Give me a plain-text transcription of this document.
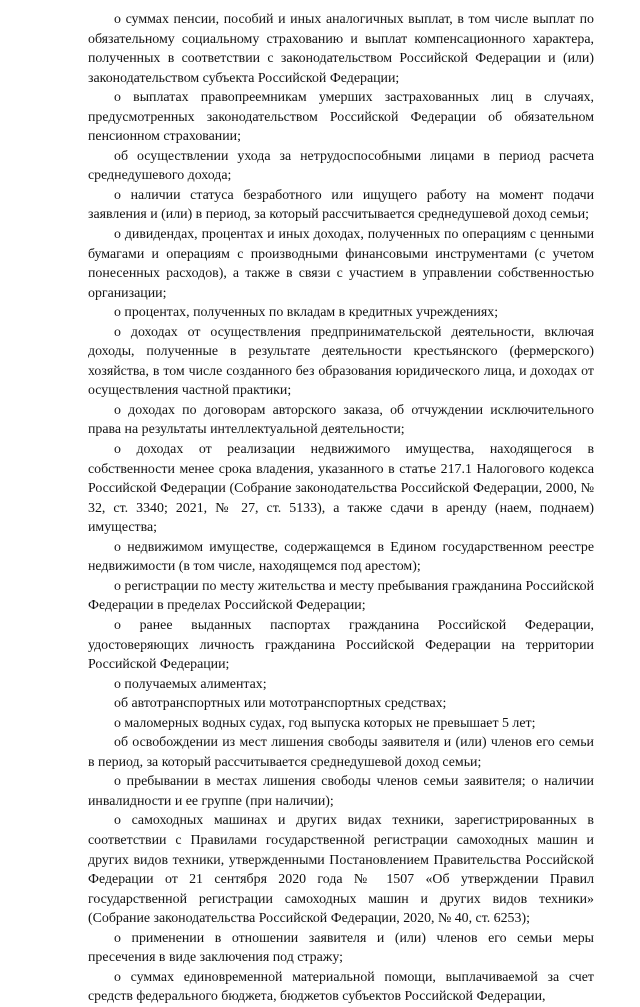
о суммах пенсии, пособий и иных аналогичных выплат, в том числе выплат по обязательному социальному страхованию и выплат компенсационного характера, полученных в соответствии с законодательством Российской Федерации и (или) законодательством субъекта Российской Федерации;

о выплатах правопреемникам умерших застрахованных лиц в случаях, предусмотренных законодательством Российской Федерации об обязательном пенсионном страховании;

об осуществлении ухода за нетрудоспособными лицами в период расчета среднедушевого дохода;

о наличии статуса безработного или ищущего работу на момент подачи заявления и (или) в период, за который рассчитывается среднедушевой доход семьи;

о дивидендах, процентах и иных доходах, полученных по операциям с ценными бумагами и операциям с производными финансовыми инструментами (с учетом понесенных расходов), а также в связи с участием в управлении собственностью организации;

о процентах, полученных по вкладам в кредитных учреждениях;

о доходах от осуществления предпринимательской деятельности, включая доходы, полученные в результате деятельности крестьянского (фермерского) хозяйства, в том числе созданного без образования юридического лица, и доходах от осуществления частной практики;

о доходах по договорам авторского заказа, об отчуждении исключительного права на результаты интеллектуальной деятельности;

о доходах от реализации недвижимого имущества, находящегося в собственности менее срока владения, указанного в статье 217.1 Налогового кодекса Российской Федерации (Собрание законодательства Российской Федерации, 2000, № 32, ст. 3340; 2021, № 27, ст. 5133), а также сдачи в аренду (наем, поднаем) имущества;

о недвижимом имуществе, содержащемся в Едином государственном реестре недвижимости (в том числе, находящемся под арестом);

о регистрации по месту жительства и месту пребывания гражданина Российской Федерации в пределах Российской Федерации;

о ранее выданных паспортах гражданина Российской Федерации, удостоверяющих личность гражданина Российской Федерации на территории Российской Федерации;

о получаемых алиментах;

об автотранспортных или мототранспортных средствах;

о маломерных водных судах, год выпуска которых не превышает 5 лет;

об освобождении из мест лишения свободы заявителя и (или) членов его семьи в период, за который рассчитывается среднедушевой доход семьи;

о пребывании в местах лишения свободы членов семьи заявителя; о наличии инвалидности и ее группе (при наличии);

о самоходных машинах и других видах техники, зарегистрированных в соответствии с Правилами государственной регистрации самоходных машин и других видов техники, утвержденными Постановлением Правительства Российской Федерации от 21 сентября 2020 года № 1507 «Об утверждении Правил государственной регистрации самоходных машин и других видов техники» (Собрание законодательства Российской Федерации, 2020, № 40, ст. 6253);

о применении в отношении заявителя и (или) членов его семьи меры пресечения в виде заключения под стражу;

о суммах единовременной материальной помощи, выплачиваемой за счет средств федерального бюджета, бюджетов субъектов Российской Федерации,
